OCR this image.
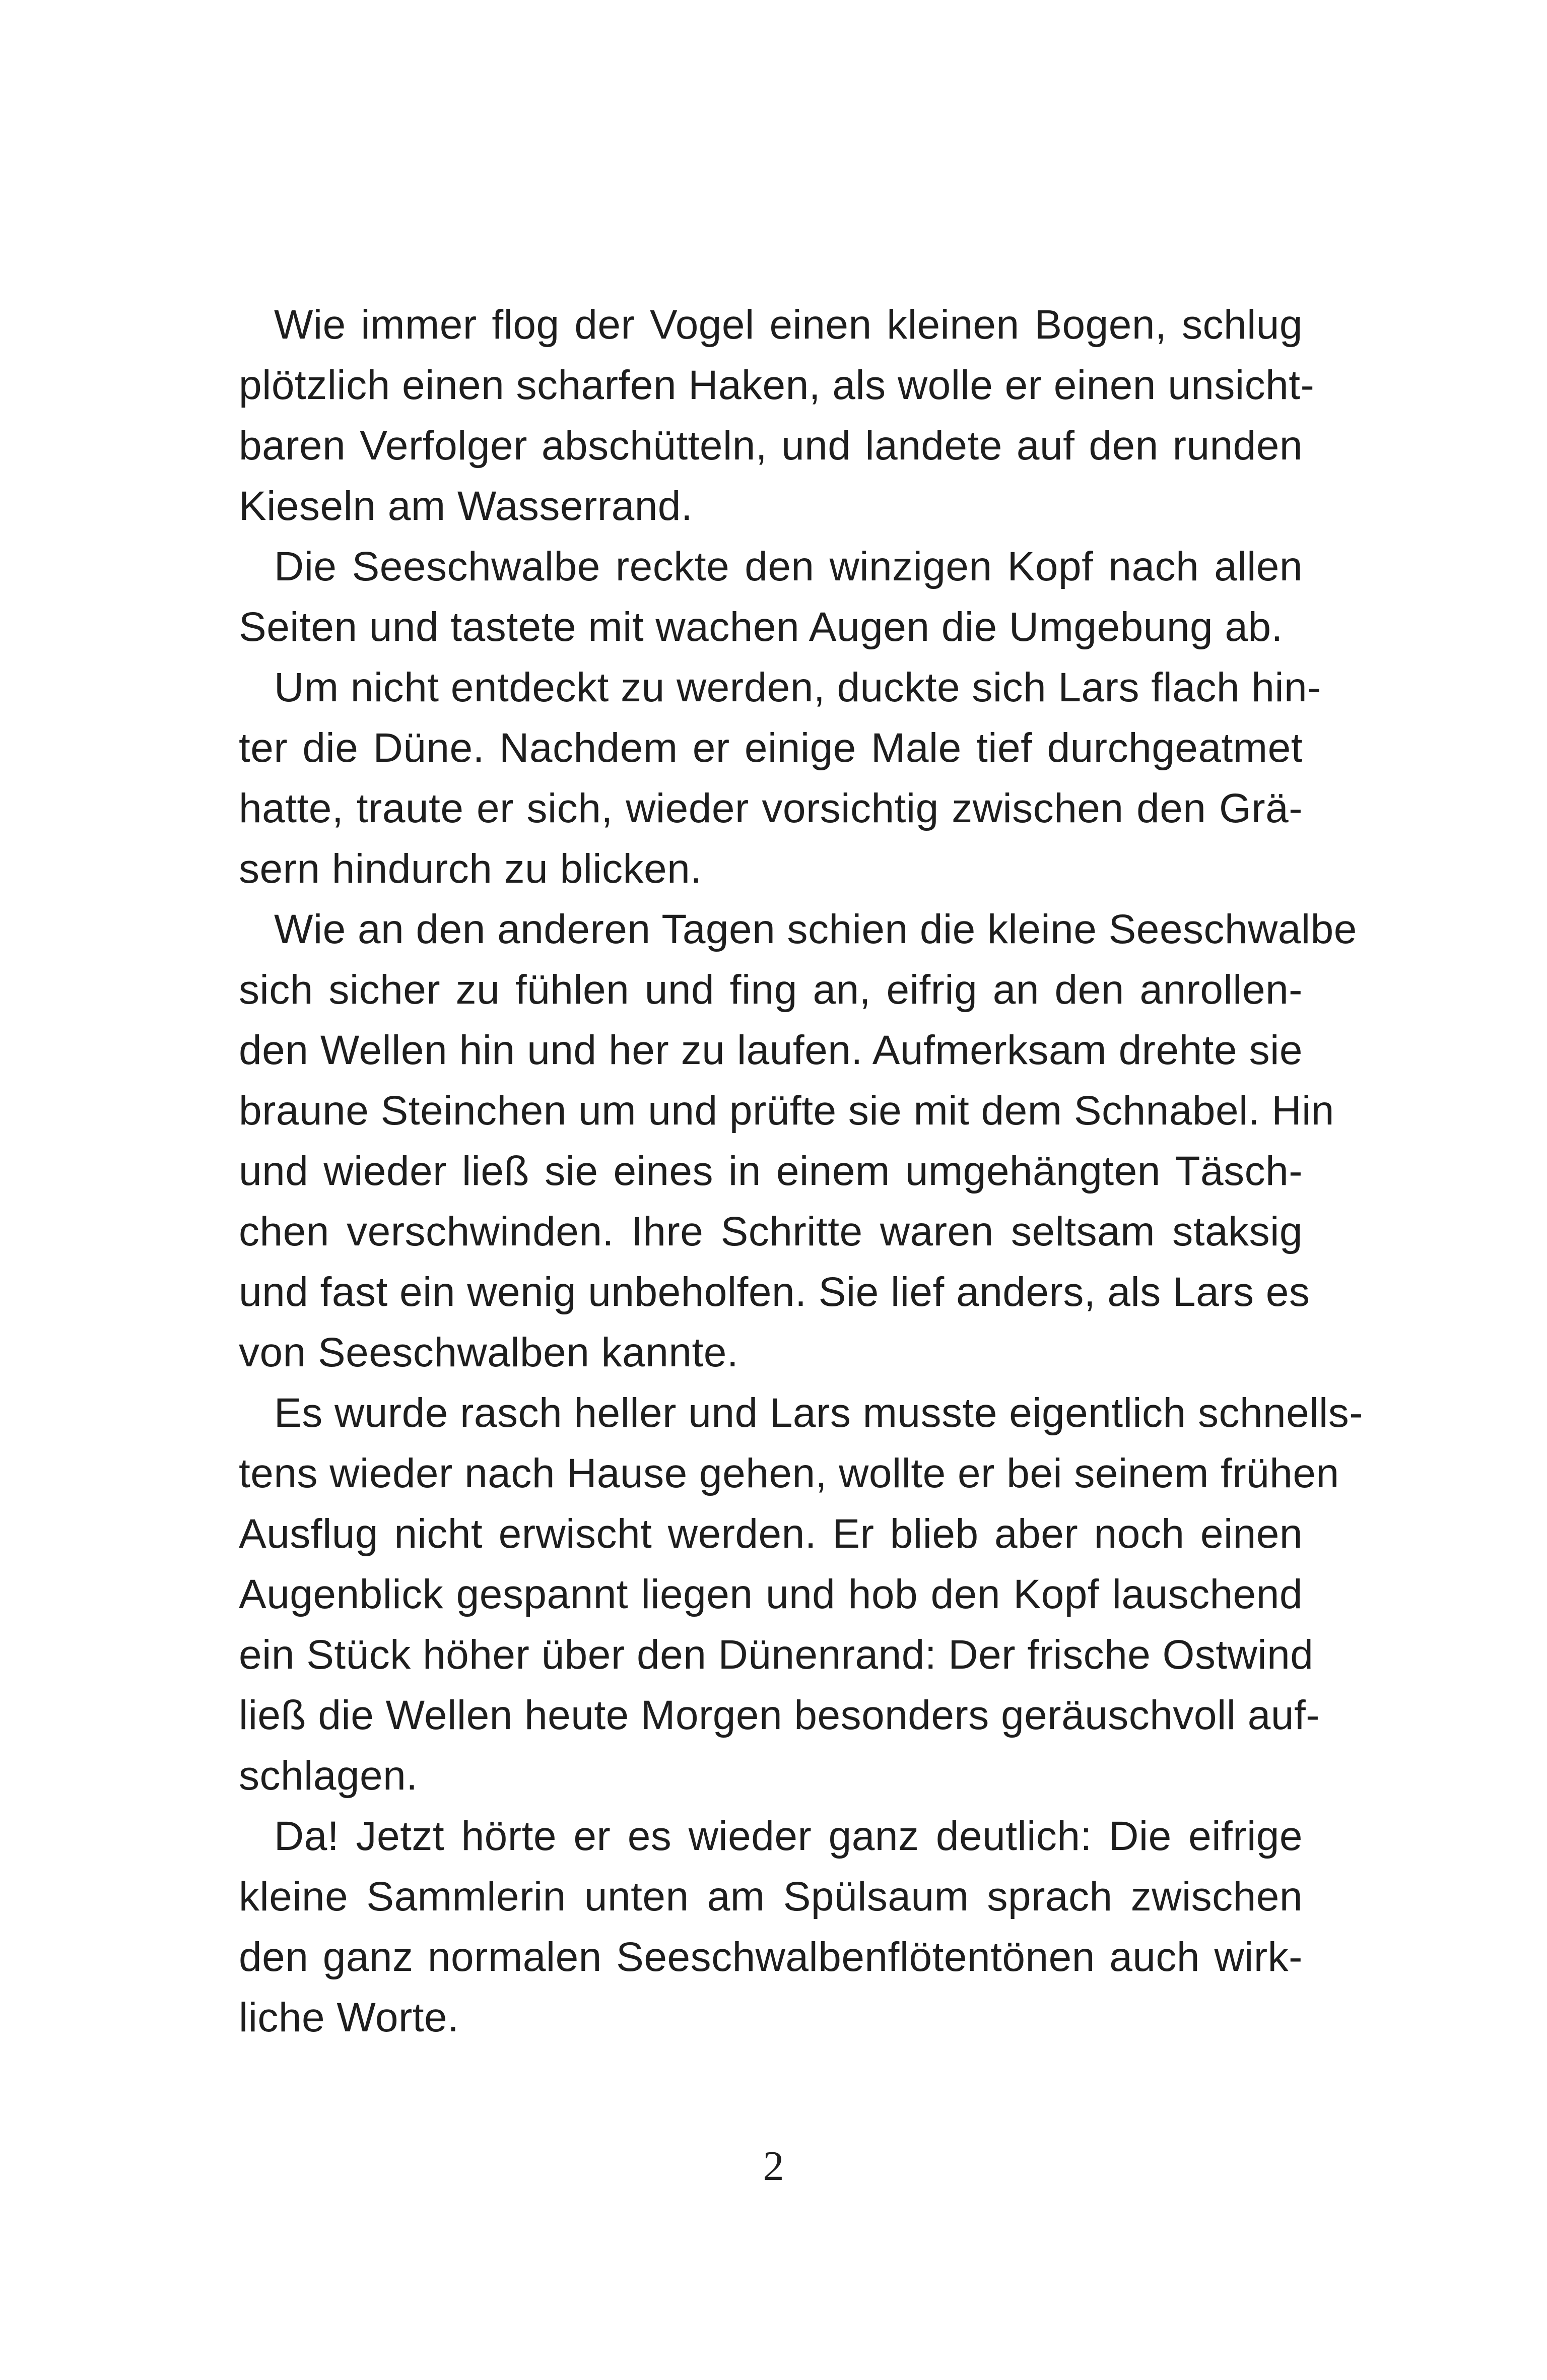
Wie immer flog der Vogel einen kleinen Bogen, schlug
plötzlich einen scharfen Haken, als wolle er einen unsicht-
baren Verfolger abschütteln, und landete auf den runden
Kieseln am Wasserrand.
Die Seeschwalbe reckte den winzigen Kopf nach allen
Seiten und tastete mit wachen Augen die Umgebung ab.
Um nicht entdeckt zu werden, duckte sich Lars flach hin-
ter die Düne. Nachdem er einige Male tief durchgeatmet
hatte, traute er sich, wieder vorsichtig zwischen den Grä-
sern hindurch zu blicken.
Wie an den anderen Tagen schien die kleine Seeschwalbe
sich sicher zu fühlen und fing an, eifrig an den anrollen-
den Wellen hin und her zu laufen. Aufmerksam drehte sie
braune Steinchen um und prüfte sie mit dem Schnabel. Hin
und wieder ließ sie eines in einem umgehängten Täsch-
chen verschwinden. Ihre Schritte waren seltsam staksig
und fast ein wenig unbeholfen. Sie lief anders, als Lars es
von Seeschwalben kannte.
Es wurde rasch heller und Lars musste eigentlich schnells-
tens wieder nach Hause gehen, wollte er bei seinem frühen
Ausflug nicht erwischt werden. Er blieb aber noch einen
Augenblick gespannt liegen und hob den Kopf lauschend
ein Stück höher über den Dünenrand: Der frische Ostwind
ließ die Wellen heute Morgen besonders geräuschvoll auf-
schlagen.
Da! Jetzt hörte er es wieder ganz deutlich: Die eifrige
kleine Sammlerin unten am Spülsaum sprach zwischen
den ganz normalen Seeschwalbenflötentönen auch wirk-
liche Worte.
2
